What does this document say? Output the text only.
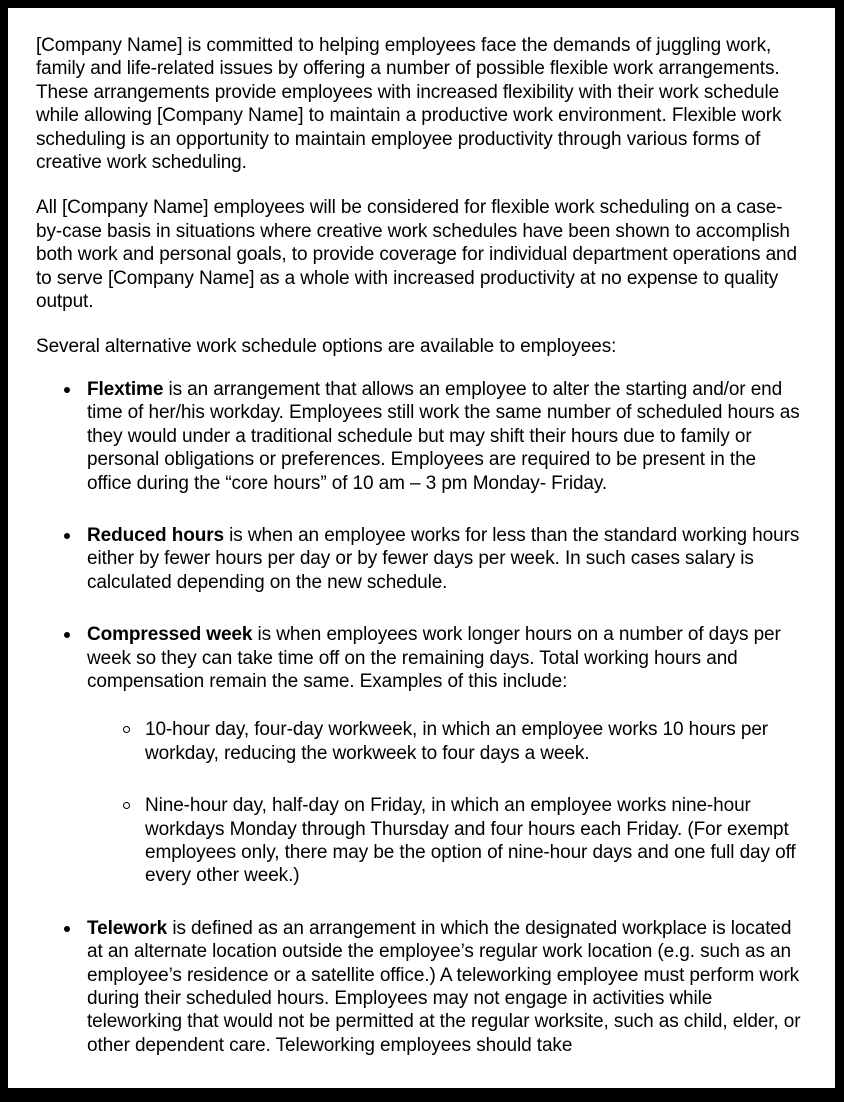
[Company Name] is committed to helping employees face the demands of juggling work, family and life-related issues by offering a number of possible flexible work arrangements. These arrangements provide employees with increased flexibility with their work schedule while allowing [Company Name] to maintain a productive work environment. Flexible work scheduling is an opportunity to maintain employee productivity through various forms of creative work scheduling.

All [Company Name] employees will be considered for flexible work scheduling on a case-by-case basis in situations where creative work schedules have been shown to accomplish both work and personal goals, to provide coverage for individual department operations and to serve [Company Name] as a whole with increased productivity at no expense to quality output.

Several alternative work schedule options are available to employees:

Flextime is an arrangement that allows an employee to alter the starting and/or end time of her/his workday. Employees still work the same number of scheduled hours as they would under a traditional schedule but may shift their hours due to family or personal obligations or preferences. Employees are required to be present in the office during the “core hours” of 10 am – 3 pm Monday- Friday.
Reduced hours is when an employee works for less than the standard working hours either by fewer hours per day or by fewer days per week. In such cases salary is calculated depending on the new schedule.
Compressed week is when employees work longer hours on a number of days per week so they can take time off on the remaining days. Total working hours and compensation remain the same. Examples of this include:
10-hour day, four-day workweek, in which an employee works 10 hours per workday, reducing the workweek to four days a week.
Nine-hour day, half-day on Friday, in which an employee works nine-hour workdays Monday through Thursday and four hours each Friday. (For exempt employees only, there may be the option of nine-hour days and one full day off every other week.)
Telework is defined as an arrangement in which the designated workplace is located at an alternate location outside the employee’s regular work location (e.g. such as an employee’s residence or a satellite office.) A teleworking employee must perform work during their scheduled hours. Employees may not engage in activities while teleworking that would not be permitted at the regular worksite, such as child, elder, or other dependent care. Teleworking employees should take
